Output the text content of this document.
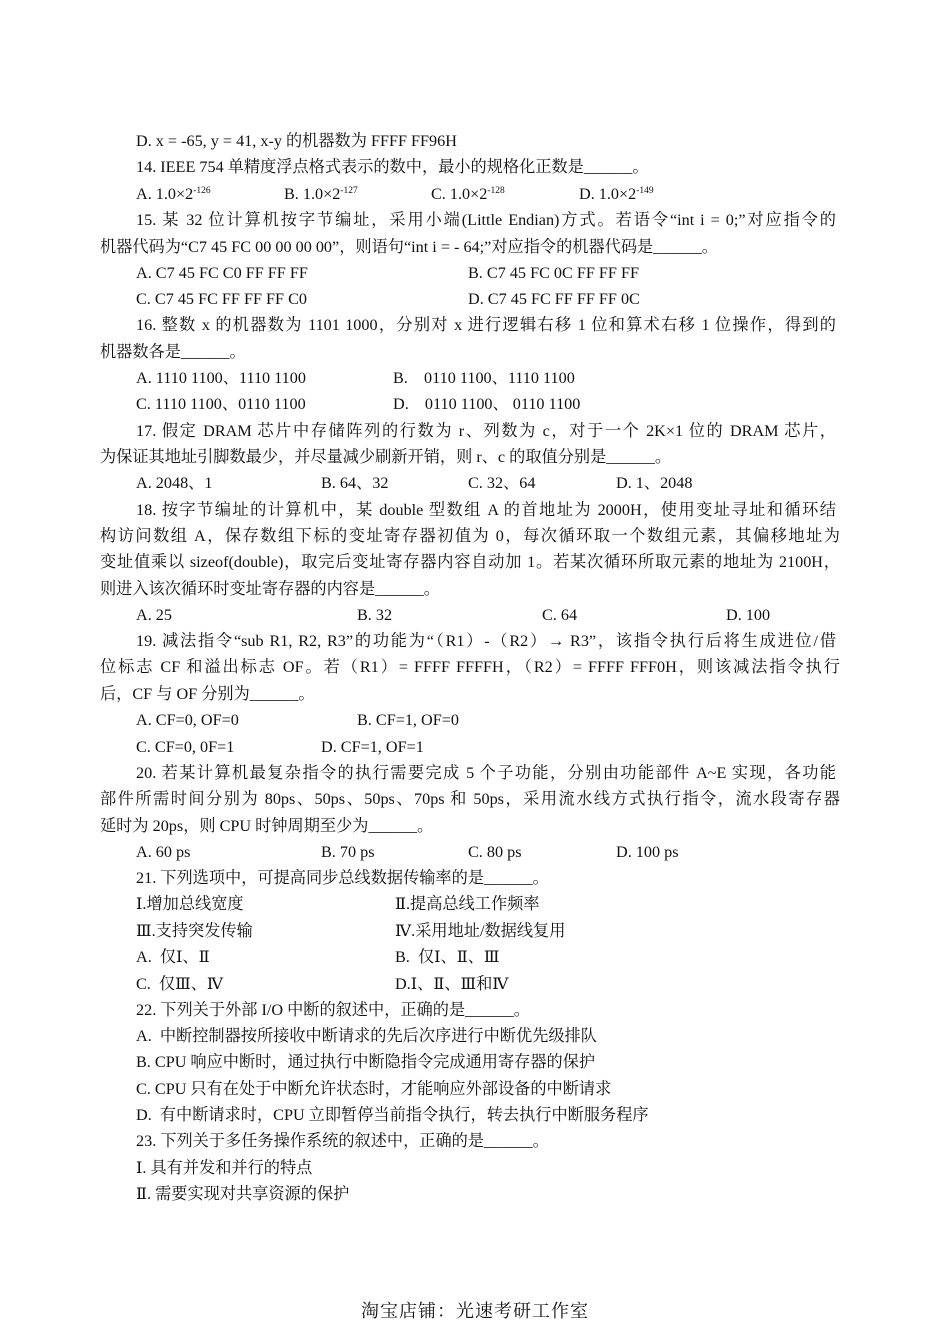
D. x = -65, y = 41, x-y 的机器数为 FFFF FF96H
14. IEEE 754 单精度浮点格式表示的数中，最小的规格化正数是______。
A. $1.0\times 2^{-126}$	B. $1.0\times 2^{-127}$	C. $1.0\times 2^{-128}$	D. $1.0\times 2^{-149}$
15. 某 32 位计算机按字节编址，采用小端(Little Endian)方式。若语令“int i = 0;”对应指令的
机器代码为“C7 45 FC 00 00 00 00”，则语句“int i = - 64;”对应指令的机器代码是______。
A. C7 45 FC C0 FF FF FF	B. C7 45 FC 0C FF FF FF
C. C7 45 FC FF FF FF C0	D. C7 45 FC FF FF FF 0C
16. 整数 x 的机器数为 1101 1000，分别对 x 进行逻辑右移 1 位和算术右移 1 位操作，得到的
机器数各是______。
A. 1110 1100、1110 1100	B.    0110 1100、1110 1100
C. 1110 1100、0110 1100	D.    0110 1100、 0110 1100
17. 假定 DRAM 芯片中存储阵列的行数为 r、列数为 c，对于一个 2K×1 位的 DRAM 芯片，
为保证其地址引脚数最少，并尽量减少刷新开销，则 r、c 的取值分别是______。
A. 2048、1	B. 64、32	C. 32、64	D. 1、2048
18. 按字节编址的计算机中，某 double 型数组 A 的首地址为 2000H，使用变址寻址和循环结
构访问数组 A，保存数组下标的变址寄存器初值为 0，每次循环取一个数组元素，其偏移地址为
变址值乘以 sizeof(double)，取完后变址寄存器内容自动加 1。若某次循环所取元素的地址为 2100H，
则进入该次循环时变址寄存器的内容是______。
A. 25	B. 32	C. 64	D. 100
19. 减法指令“sub R1, R2, R3”的功能为“（R1）-（R2）→ R3”，该指令执行后将生成进位/借
位标志 CF 和溢出标志 OF。若（R1）= FFFF FFFFH，（R2）= FFFF FFF0H，则该减法指令执行
后，CF 与 OF 分别为______。
A. CF=0, OF=0	B. CF=1, OF=0
C. CF=0, 0F=1	D. CF=1, OF=1
20. 若某计算机最复杂指令的执行需要完成 5 个子功能，分别由功能部件 A~E 实现，各功能
部件所需时间分别为 80ps、50ps、50ps、70ps 和 50ps，采用流水线方式执行指令，流水段寄存器
延时为 20ps，则 CPU 时钟周期至少为______。
A. 60 ps	B. 70 ps	C. 80 ps	D. 100 ps
21. 下列选项中，可提高同步总线数据传输率的是______。
Ⅰ.增加总线宽度	Ⅱ.提高总线工作频率
Ⅲ.支持突发传输	Ⅳ.采用地址/数据线复用
A.  仅Ⅰ、Ⅱ	B.  仅Ⅰ、Ⅱ、Ⅲ
C.  仅Ⅲ、Ⅳ	D.Ⅰ、Ⅱ、Ⅲ和Ⅳ
22. 下列关于外部 I/O 中断的叙述中，正确的是______。
A.  中断控制器按所接收中断请求的先后次序进行中断优先级排队
B. CPU 响应中断时，通过执行中断隐指令完成通用寄存器的保护
C. CPU 只有在处于中断允许状态时，才能响应外部设备的中断请求
D.  有中断请求时，CPU 立即暂停当前指令执行，转去执行中断服务程序
23. 下列关于多任务操作系统的叙述中，正确的是______。
Ⅰ. 具有并发和并行的特点
Ⅱ. 需要实现对共享资源的保护
淘宝店铺：光速考研工作室
